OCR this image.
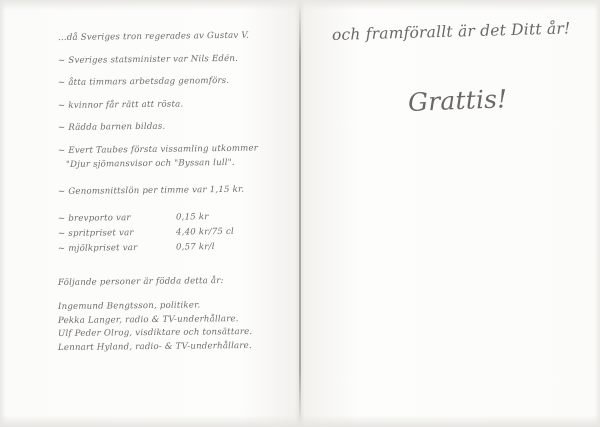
...då Sveriges tron regerades av Gustav V.

~ Sveriges statsminister var Nils Edén.

~ åtta timmars arbetsdag genomförs.

~ kvinnor får rätt att rösta.

~ Rädda barnen bildas.

~ Evert Taubes första vissamling utkommer

"Djur sjömansvisor och "Byssan lull".

~ Genomsnittslön per timme var 1,15 kr.

~ brevporto var	0,15 kr
~ spritpriset var	4,40 kr/75 cl
~ mjölkpriset var	0,57 kr/l

Följande personer är födda detta år:

Ingemund Bengtsson, politiker.

Pekka Langer, radio & TV-underhållare.

Ulf Peder Olrog, visdiktare och tonsättare.

Lennart Hyland, radio- & TV-underhållare.

och framförallt är det Ditt år!
Grattis!
